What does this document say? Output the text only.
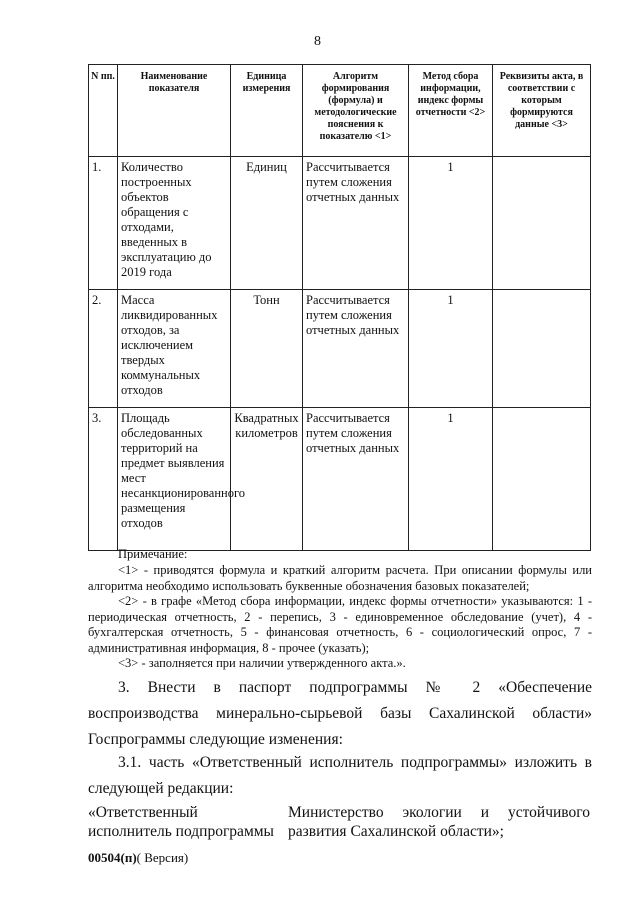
8
N пп.	Наименование показателя	Единица измерения	Алгоритм формирования (формула) и методологические пояснения к показателю <1>	Метод сбора информации, индекс формы отчетности <2>	Реквизиты акта, в соответствии с которым формируются данные <3>
1.	Количество построенных объектов обращения с отходами, введенных в эксплуатацию до 2019 года	Единиц	Рассчитывается путем сложения отчетных данных	1	
2.	Масса ликвидированных отходов, за исключением твердых коммунальных отходов	Тонн	Рассчитывается путем сложения отчетных данных	1	
3.	Площадь обследованных территорий на предмет выявления мест несанкционированного размещения отходов	Квадратных километров	Рассчитывается путем сложения отчетных данных	1	
Примечание:
<1> - приводятся формула и краткий алгоритм расчета. При описании формулы или алгоритма необходимо использовать буквенные обозначения базовых показателей;
<2> - в графе «Метод сбора информации, индекс формы отчетности» указываются: 1 - периодическая отчетность, 2 - перепись, 3 - единовременное обследование (учет), 4 - бухгалтерская отчетность, 5 - финансовая отчетность, 6 - социологический опрос, 7 - административная информация, 8 - прочее (указать);
<3> - заполняется при наличии утвержденного акта.».
3. Внести в паспорт подпрограммы № 2 «Обеспечение воспроизводства минерально-сырьевой базы Сахалинской области» Госпрограммы следующие изменения:
3.1. часть «Ответственный исполнитель подпрограммы» изложить в следующей редакции:
«Ответственный исполнитель подпрограммы
Министерство экологии и устойчивого развития Сахалинской области»;
00504(п)( Версия)
